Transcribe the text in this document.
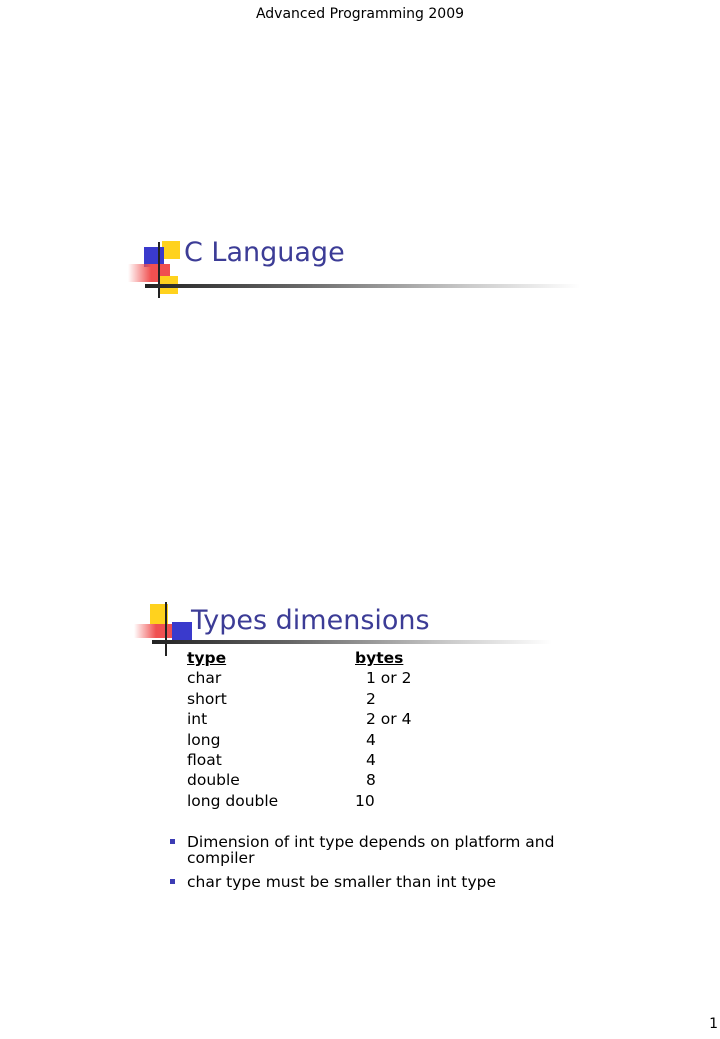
Advanced Programming 2009
C Language
Types dimensions
type	bytes
char	1 or 2
short	2
int	2 or 4
long	4
float	4
double	8
long double	10
Dimension of int type depends on platform and compiler
char type must be smaller than int type
1
